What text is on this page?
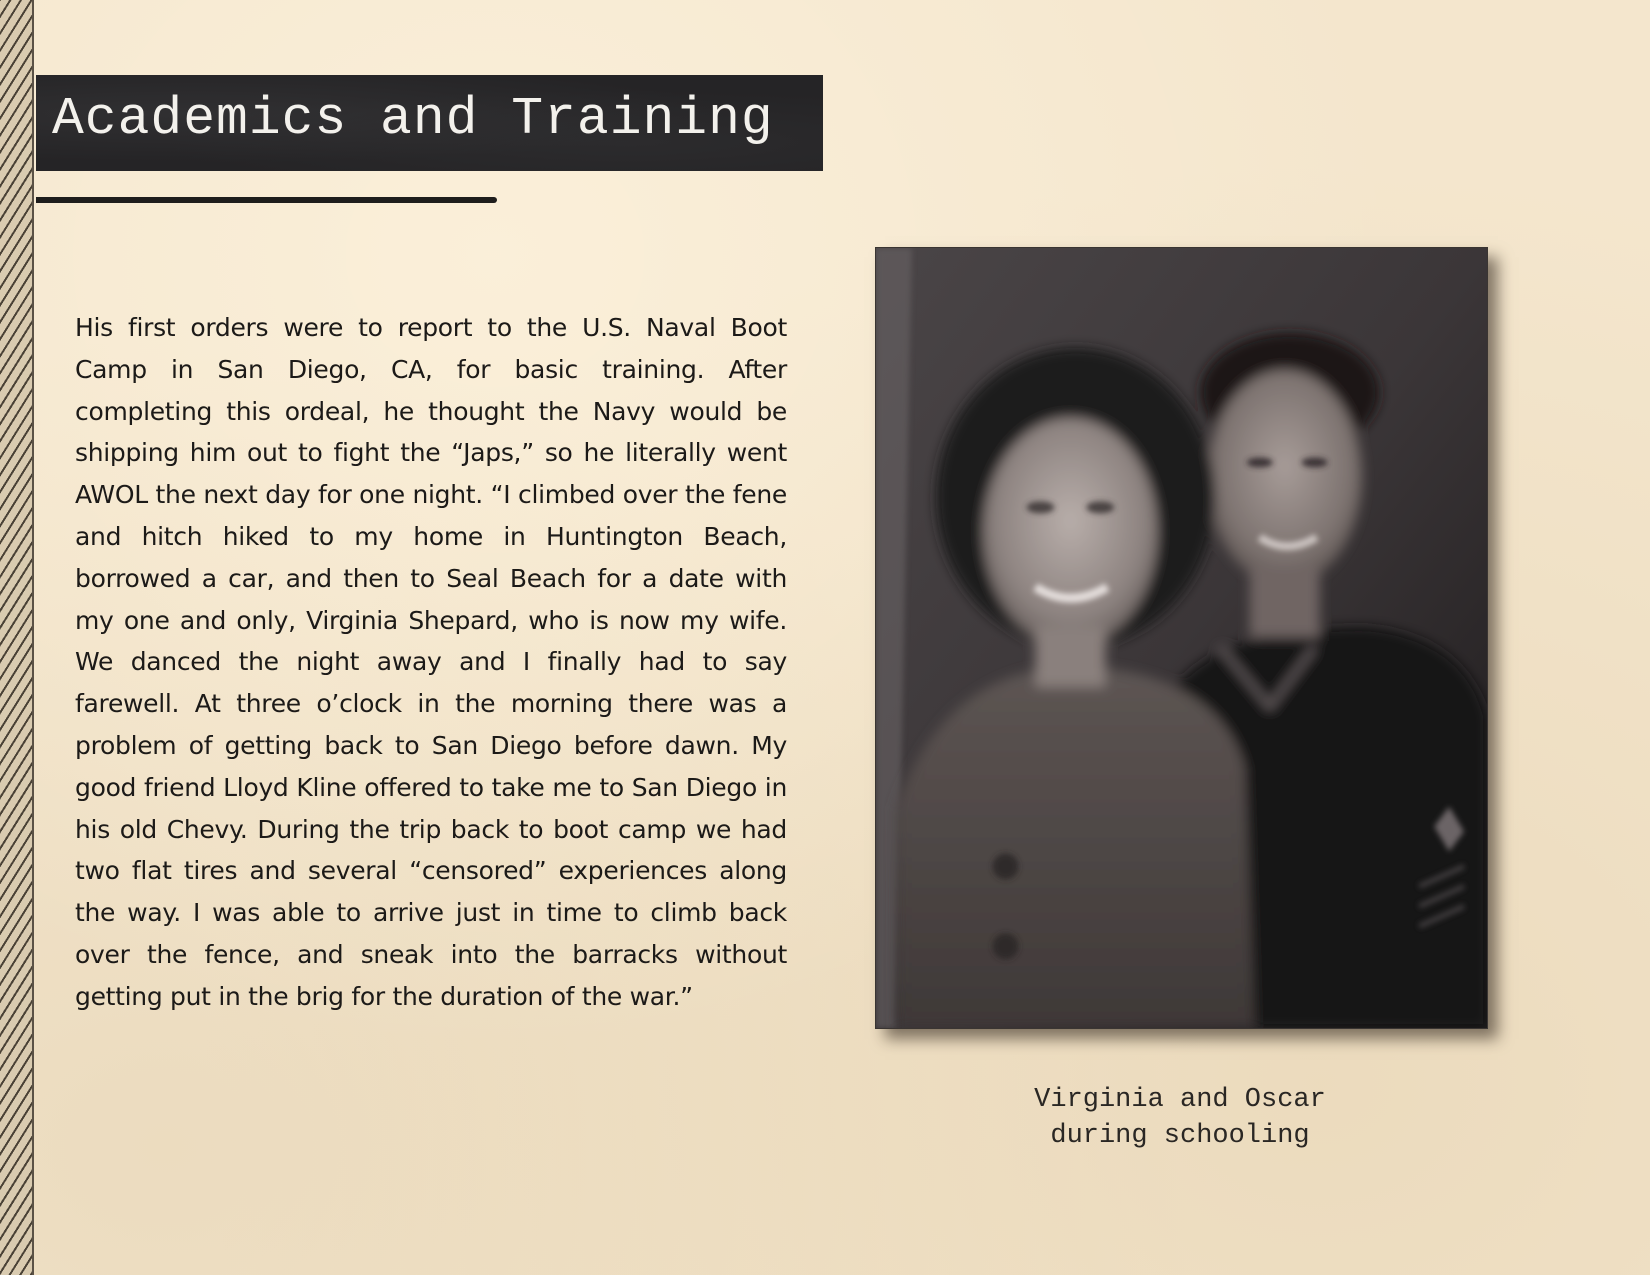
Academics and Training

His first orders were to report to the U.S. Naval Boot Camp in San Diego, CA, for basic training. After completing this ordeal, he thought the Navy would be shipping him out to fight the “Japs,” so he literally went AWOL the next day for one night. “I climbed over the fene and hitch hiked to my home in Huntington Beach, borrowed a car, and then to Seal Beach for a date with my one and only, Virginia Shepard, who is now my wife. We danced the night away and I finally had to say farewell. At three o’clock in the morning there was a problem of getting back to San Diego before dawn. My good friend Lloyd Kline offered to take me to San Diego in his old Chevy. During the trip back to boot camp we had two flat tires and several “censored” experiences along the way. I was able to arrive just in time to climb back over the fence, and sneak into the barracks without getting put in the brig for the duration of the war.”

Virginia and Oscar
during schooling
